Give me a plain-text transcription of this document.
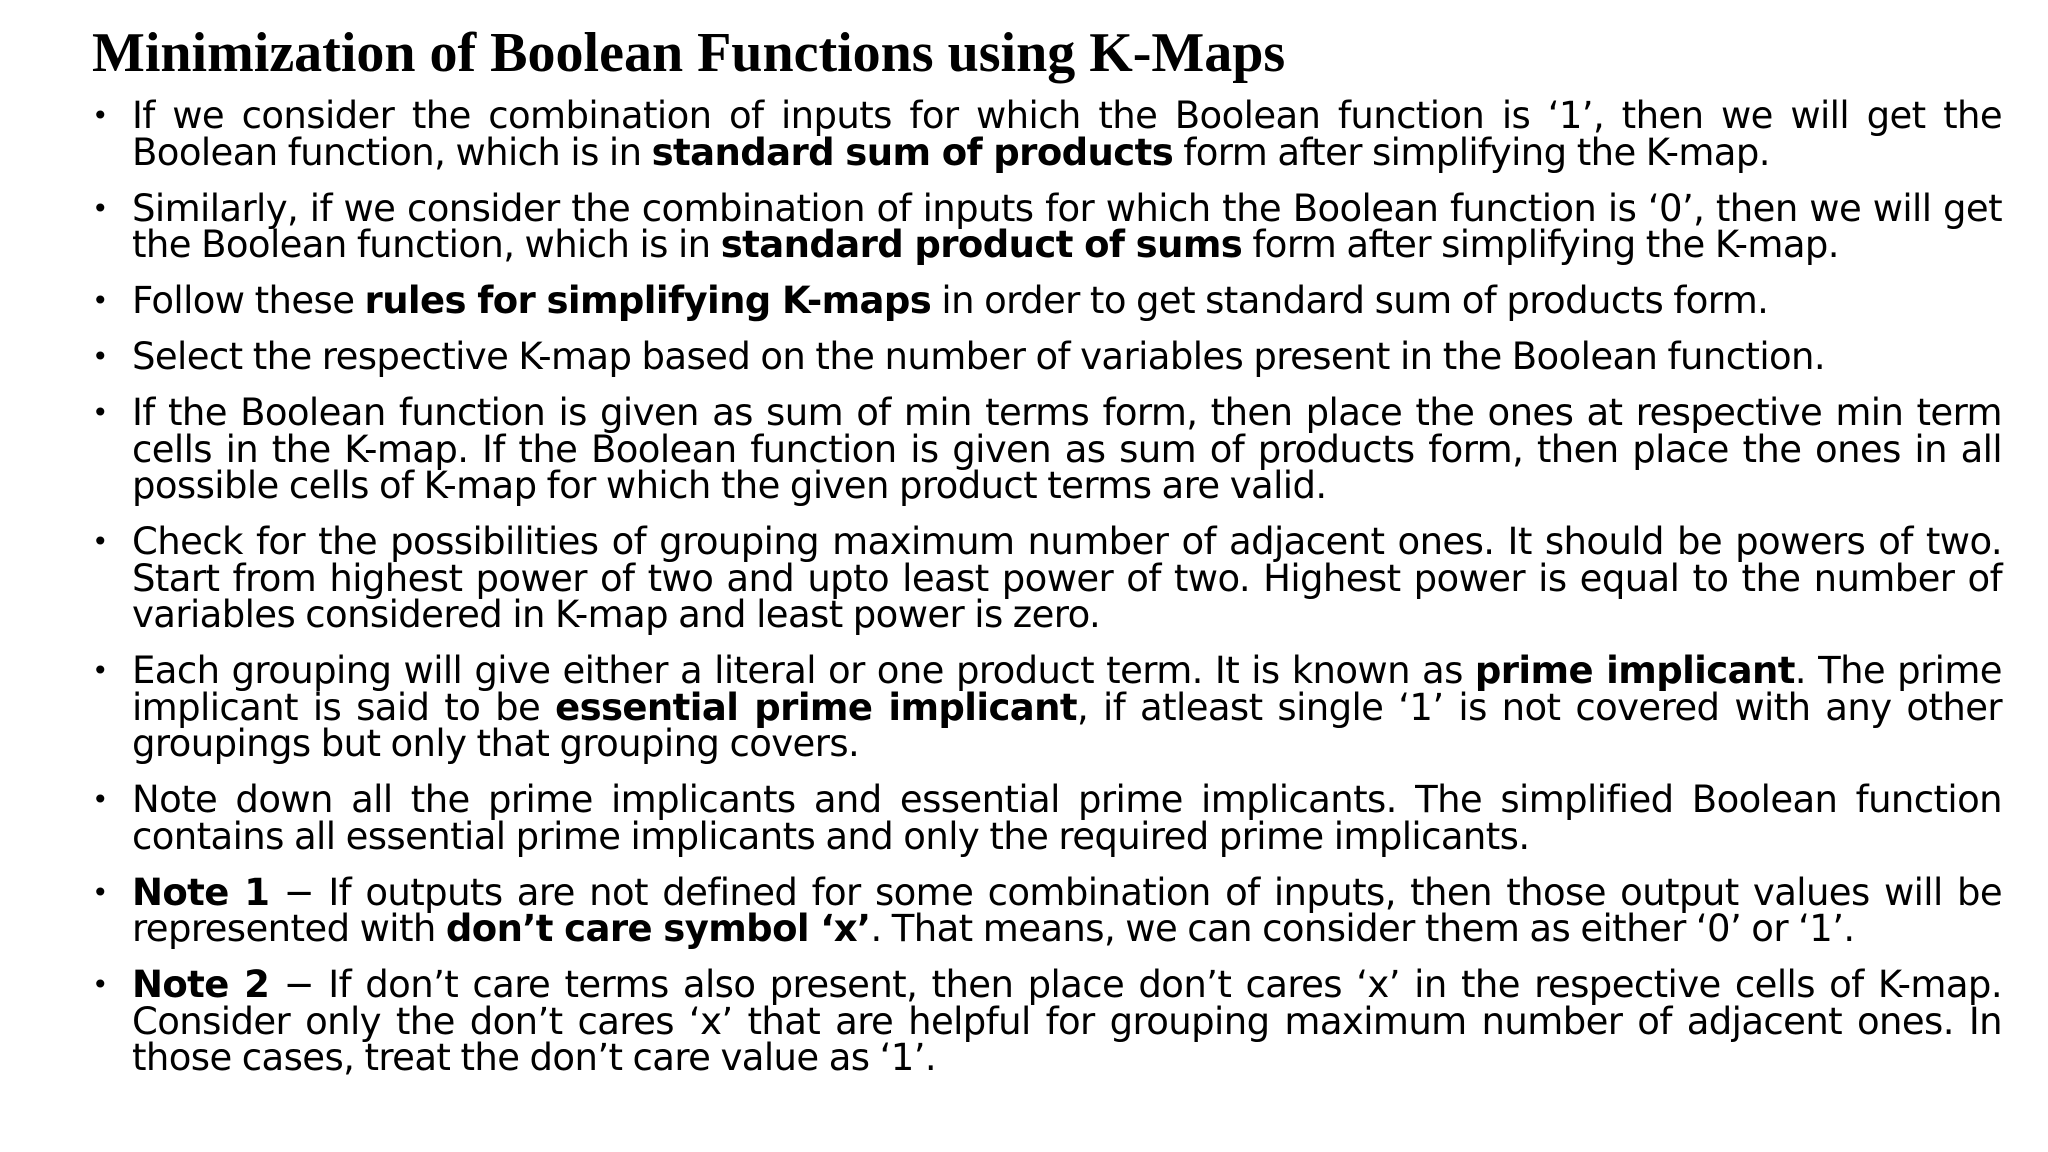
Minimization of Boolean Functions using K-Maps
• If we consider the combination of inputs for which the Boolean function is ‘1’, then we will get the Boolean function, which is in standard sum of products form after simplifying the K-map.
• Similarly, if we consider the combination of inputs for which the Boolean function is ‘0’, then we will get the Boolean function, which is in standard product of sums form after simplifying the K-map.
• Follow these rules for simplifying K-maps in order to get standard sum of products form.
• Select the respective K-map based on the number of variables present in the Boolean function.
• If the Boolean function is given as sum of min terms form, then place the ones at respective min term cells in the K-map. If the Boolean function is given as sum of products form, then place the ones in all possible cells of K-map for which the given product terms are valid.
• Check for the possibilities of grouping maximum number of adjacent ones. It should be powers of two. Start from highest power of two and upto least power of two. Highest power is equal to the number of variables considered in K-map and least power is zero.
• Each grouping will give either a literal or one product term. It is known as prime implicant. The prime implicant is said to be essential prime implicant, if atleast single ‘1’ is not covered with any other groupings but only that grouping covers.
• Note down all the prime implicants and essential prime implicants. The simplified Boolean function contains all essential prime implicants and only the required prime implicants.
• Note 1 − If outputs are not defined for some combination of inputs, then those output values will be represented with don’t care symbol ‘x’. That means, we can consider them as either ‘0’ or ‘1’.
• Note 2 − If don’t care terms also present, then place don’t cares ‘x’ in the respective cells of K-map. Consider only the don’t cares ‘x’ that are helpful for grouping maximum number of adjacent ones. In those cases, treat the don’t care value as ‘1’.
